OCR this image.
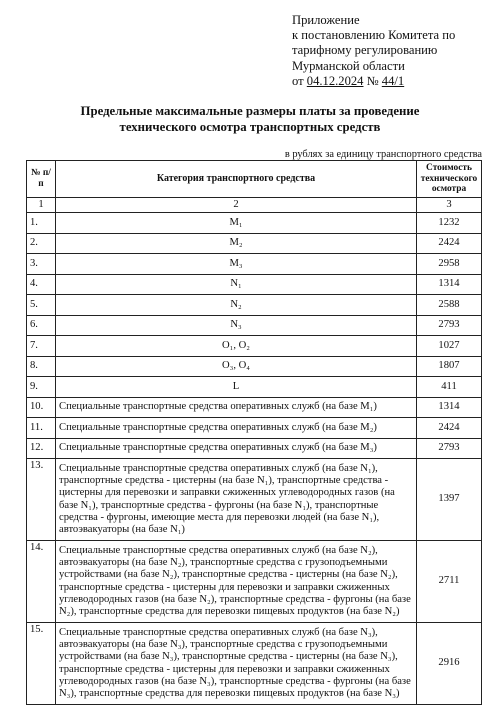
Приложение
к постановлению Комитета по
тарифному регулированию
Мурманской области
от 04.12.2024 № 44/1
Предельные максимальные размеры платы за проведение
технического осмотра транспортных средств
в рублях за единицу транспортного средства
№ п/п	Категория транспортного средства	Стоимость технического осмотра
1	2	3
1.	M₁	1232
2.	M₂	2424
3.	M₃	2958
4.	N₁	1314
5.	N₂	2588
6.	N₃	2793
7.	O₁, O₂	1027
8.	O₃, O₄	1807
9.	L	411
10.	Специальные транспортные средства оперативных служб (на базе M₁)	1314
11.	Специальные транспортные средства оперативных служб (на базе M₂)	2424
12.	Специальные транспортные средства оперативных служб (на базе M₃)	2793
13.	Специальные транспортные средства оперативных служб (на базе N₁), транспортные средства - цистерны (на базе N₁), транспортные средства - цистерны для перевозки и заправки сжиженных углеводородных газов (на базе N₁), транспортные средства - фургоны (на базе N₁), транспортные средства - фургоны, имеющие места для перевозки людей (на базе N₁), автоэвакуаторы (на базе N₁)	1397
14.	Специальные транспортные средства оперативных служб (на базе N₂), автоэвакуаторы (на базе N₂), транспортные средства с грузоподъемными устройствами (на базе N₂), транспортные средства - цистерны (на базе N₂), транспортные средства - цистерны для перевозки и заправки сжиженных углеводородных газов (на базе N₂), транспортные средства - фургоны (на базе N₂), транспортные средства для перевозки пищевых продуктов (на базе N₂)	2711
15.	Специальные транспортные средства оперативных служб (на базе N₃), автоэвакуаторы (на базе N₃), транспортные средства с грузоподъемными устройствами (на базе N₃), транспортные средства - цистерны (на базе N₃), транспортные средства - цистерны для перевозки и заправки сжиженных углеводородных газов (на базе N₃), транспортные средства - фургоны (на базе N₃), транспортные средства для перевозки пищевых продуктов (на базе N₃)	2916
